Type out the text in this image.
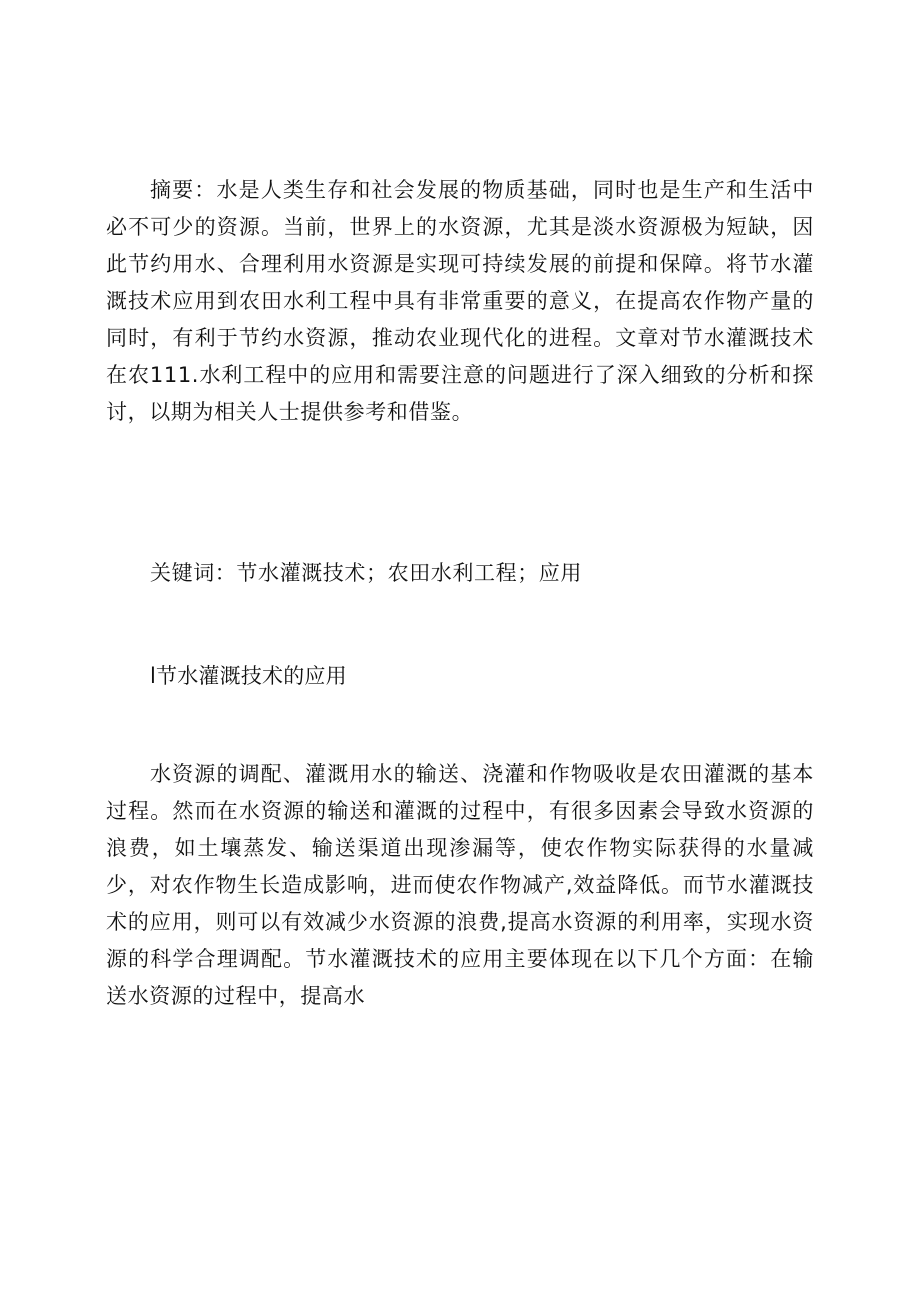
摘要：水是人类生存和社会发展的物质基础，同时也是生产和生活中必不可少的资源。当前，世界上的水资源，尤其是淡水资源极为短缺，因此节约用水、合理利用水资源是实现可持续发展的前提和保障。将节水灌溉技术应用到农田水利工程中具有非常重要的意义，在提高农作物产量的同时，有利于节约水资源，推动农业现代化的进程。文章对节水灌溉技术在农111.水利工程中的应用和需要注意的问题进行了深入细致的分析和探讨，以期为相关人士提供参考和借鉴。

关键词：节水灌溉技术；农田水利工程；应用

l节水灌溉技术的应用

水资源的调配、灌溉用水的输送、浇灌和作物吸收是农田灌溉的基本过程。然而在水资源的输送和灌溉的过程中，有很多因素会导致水资源的浪费，如土壤蒸发、输送渠道出现渗漏等，使农作物实际获得的水量减少，对农作物生长造成影响，进而使农作物减产,效益降低。而节水灌溉技术的应用，则可以有效减少水资源的浪费,提高水资源的利用率，实现水资源的科学合理调配。节水灌溉技术的应用主要体现在以下几个方面：在输送水资源的过程中，提高水
